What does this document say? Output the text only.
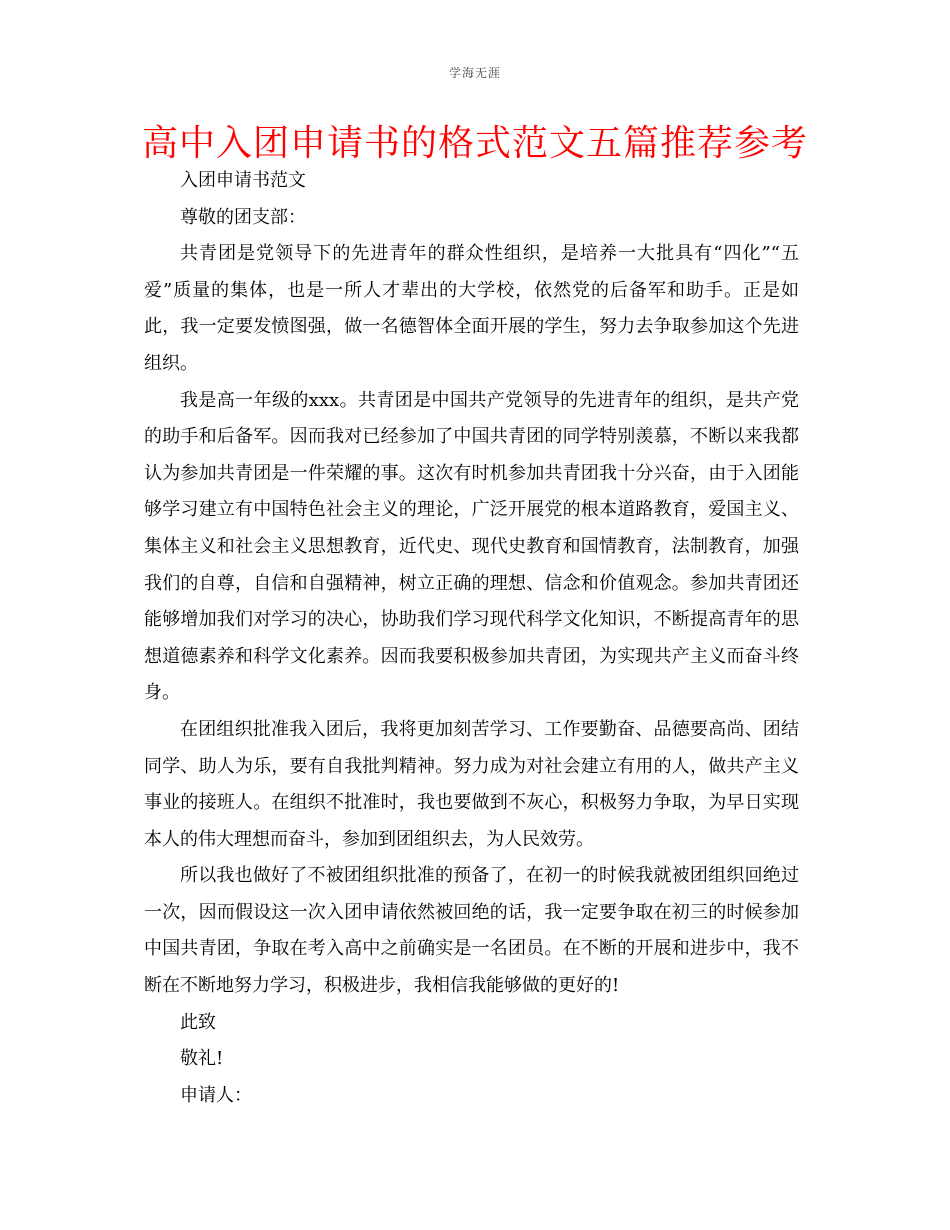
学海无涯
高中入团申请书的格式范文五篇推荐参考

入团申请书范文

尊敬的团支部：

共青团是党领导下的先进青年的群众性组织，是培养一大批具有“四化”“五爱”质量的集体，也是一所人才辈出的大学校，依然党的后备军和助手。正是如此，我一定要发愤图强，做一名德智体全面开展的学生，努力去争取参加这个先进组织。

我是高一年级的xxx。共青团是中国共产党领导的先进青年的组织，是共产党的助手和后备军。因而我对已经参加了中国共青团的同学特别羡慕，不断以来我都认为参加共青团是一件荣耀的事。这次有时机参加共青团我十分兴奋，由于入团能够学习建立有中国特色社会主义的理论，广泛开展党的根本道路教育，爱国主义、集体主义和社会主义思想教育，近代史、现代史教育和国情教育，法制教育，加强我们的自尊，自信和自强精神，树立正确的理想、信念和价值观念。参加共青团还能够增加我们对学习的决心，协助我们学习现代科学文化知识，不断提高青年的思想道德素养和科学文化素养。因而我要积极参加共青团，为实现共产主义而奋斗终身。

在团组织批准我入团后，我将更加刻苦学习、工作要勤奋、品德要高尚、团结同学、助人为乐，要有自我批判精神。努力成为对社会建立有用的人，做共产主义事业的接班人。在组织不批准时，我也要做到不灰心，积极努力争取，为早日实现本人的伟大理想而奋斗，参加到团组织去，为人民效劳。

所以我也做好了不被团组织批准的预备了，在初一的时候我就被团组织回绝过一次，因而假设这一次入团申请依然被回绝的话，我一定要争取在初三的时候参加中国共青团，争取在考入高中之前确实是一名团员。在不断的开展和进步中，我不断在不断地努力学习，积极进步，我相信我能够做的更好的!

此致

敬礼!

申请人：
